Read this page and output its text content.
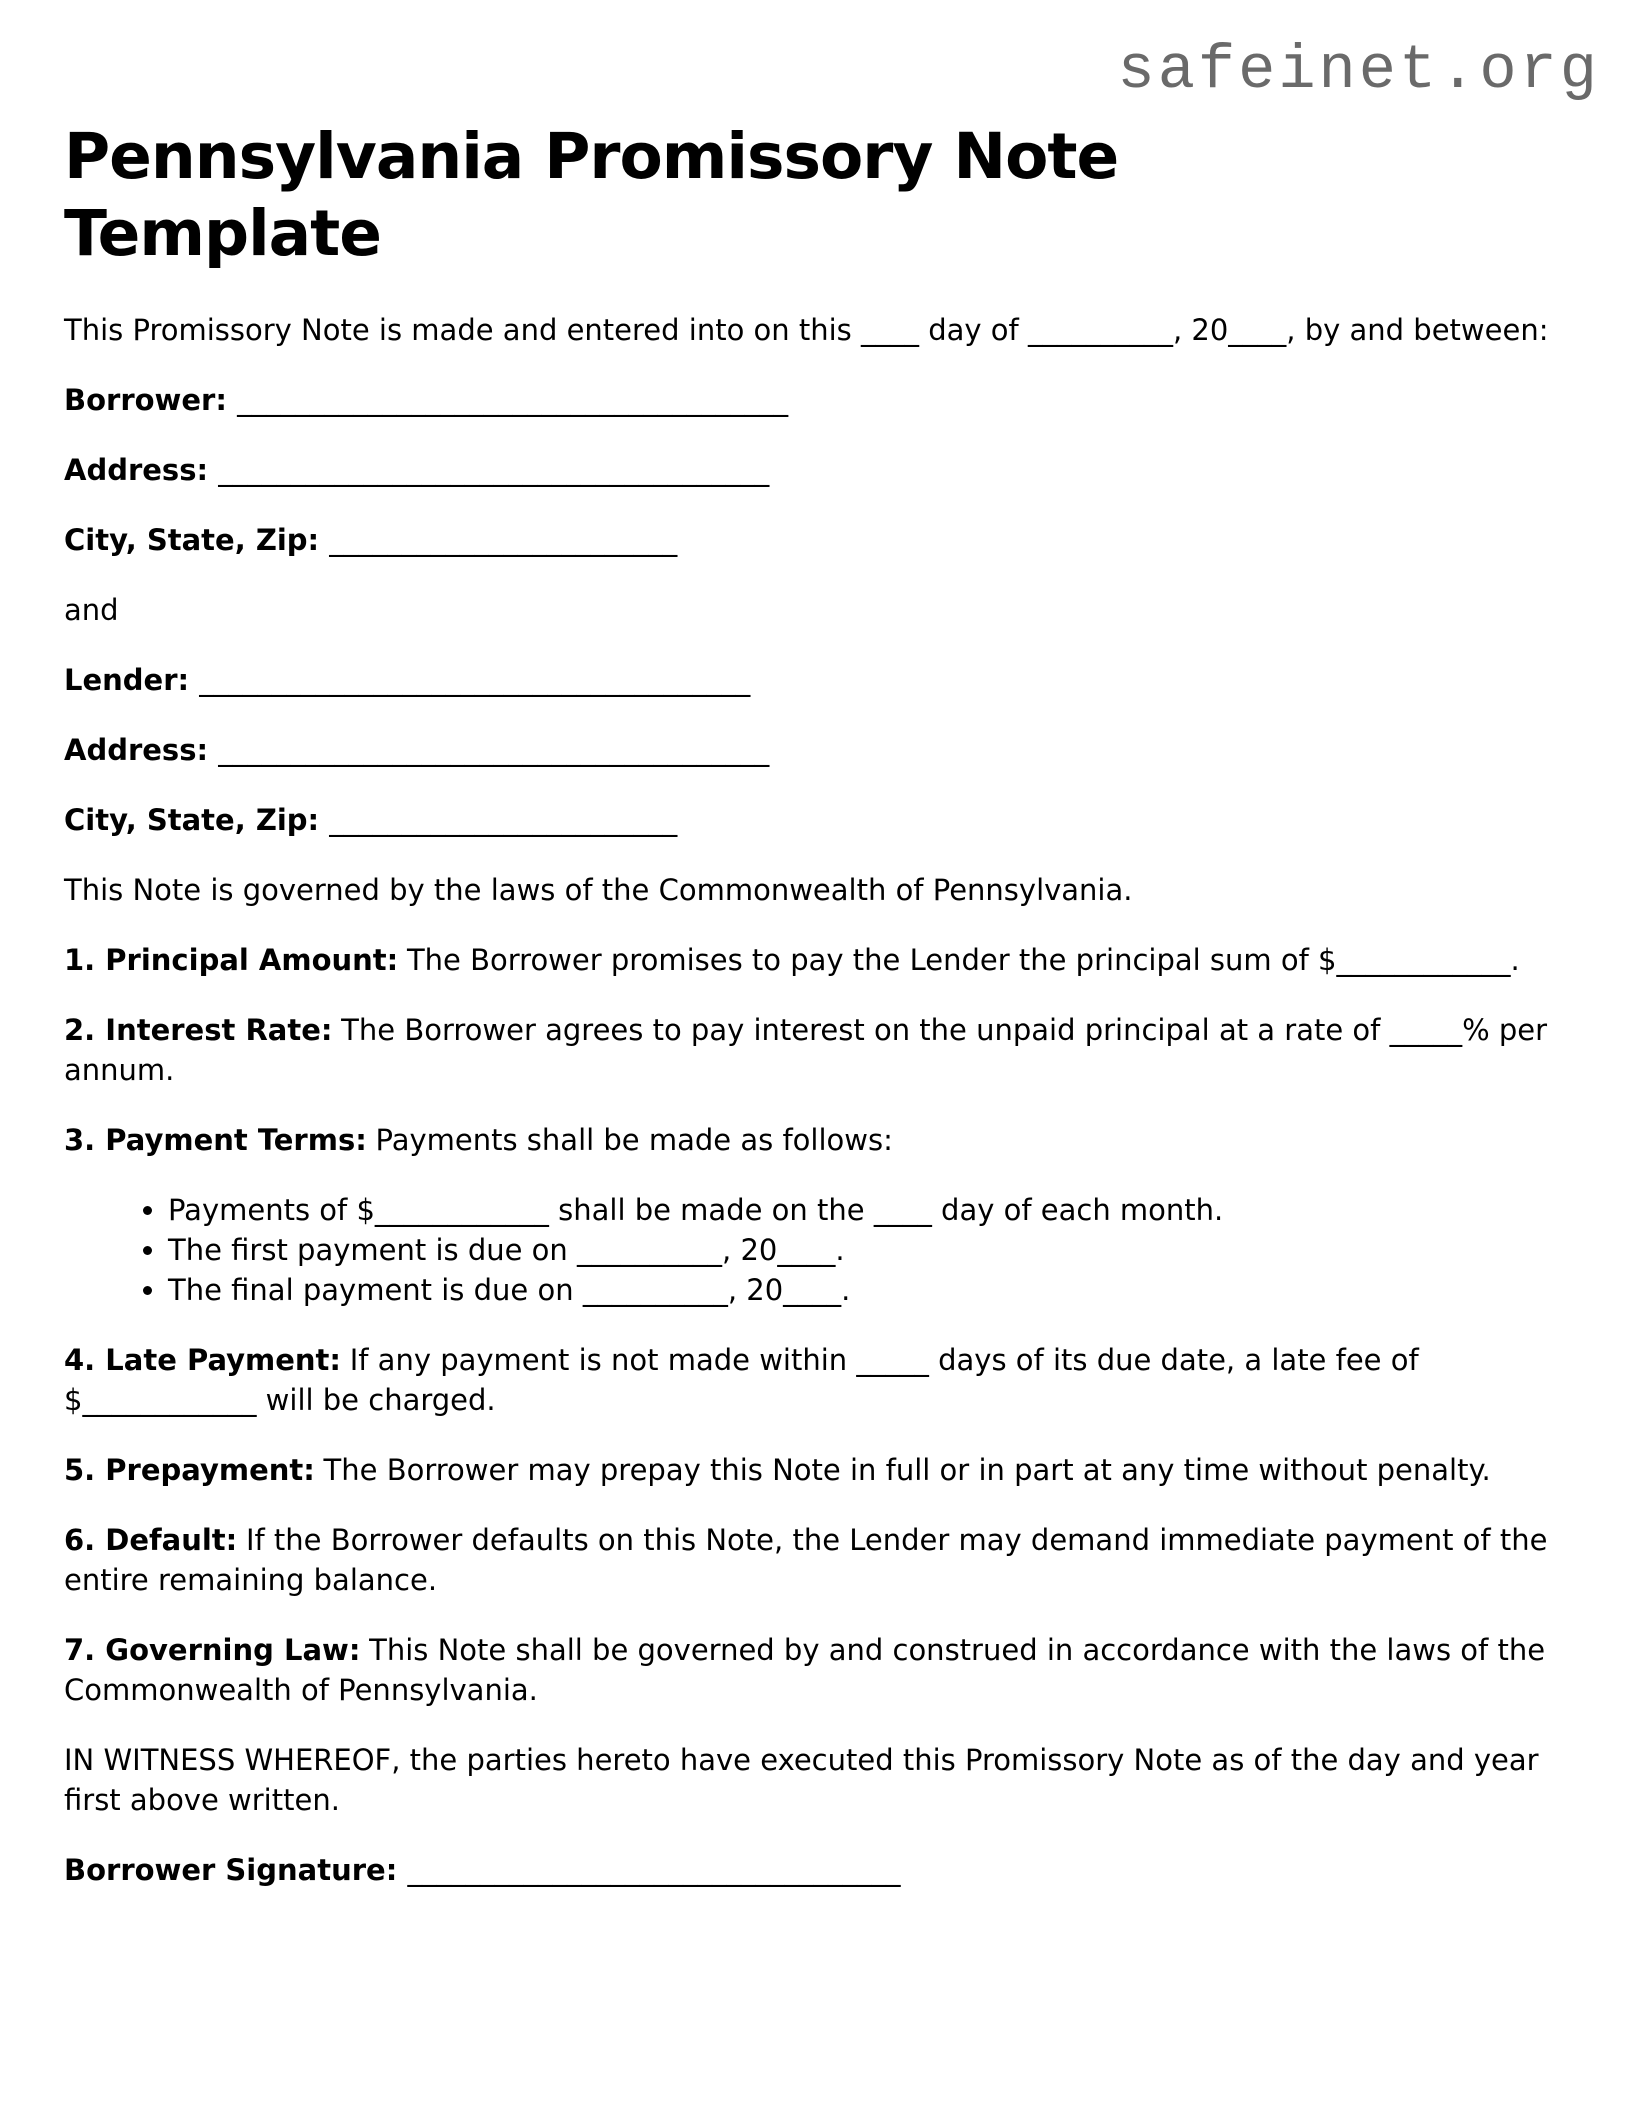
safeinet.org
Pennsylvania Promissory Note Template

This Promissory Note is made and entered into on this ____ day of __________, 20____, by and between:

Borrower: ______________________________________

Address: ______________________________________

City, State, Zip: ________________________

and

Lender: ______________________________________

Address: ______________________________________

City, State, Zip: ________________________

This Note is governed by the laws of the Commonwealth of Pennsylvania.

1. Principal Amount: The Borrower promises to pay the Lender the principal sum of $____________.

2. Interest Rate: The Borrower agrees to pay interest on the unpaid principal at a rate of _____% per annum.

3. Payment Terms: Payments shall be made as follows:

• Payments of $____________ shall be made on the ____ day of each month.
• The first payment is due on __________, 20____.
• The final payment is due on __________, 20____.

4. Late Payment: If any payment is not made within _____ days of its due date, a late fee of $____________ will be charged.

5. Prepayment: The Borrower may prepay this Note in full or in part at any time without penalty.

6. Default: If the Borrower defaults on this Note, the Lender may demand immediate payment of the entire remaining balance.

7. Governing Law: This Note shall be governed by and construed in accordance with the laws of the Commonwealth of Pennsylvania.

IN WITNESS WHEREOF, the parties hereto have executed this Promissory Note as of the day and year first above written.

Borrower Signature: __________________________________
